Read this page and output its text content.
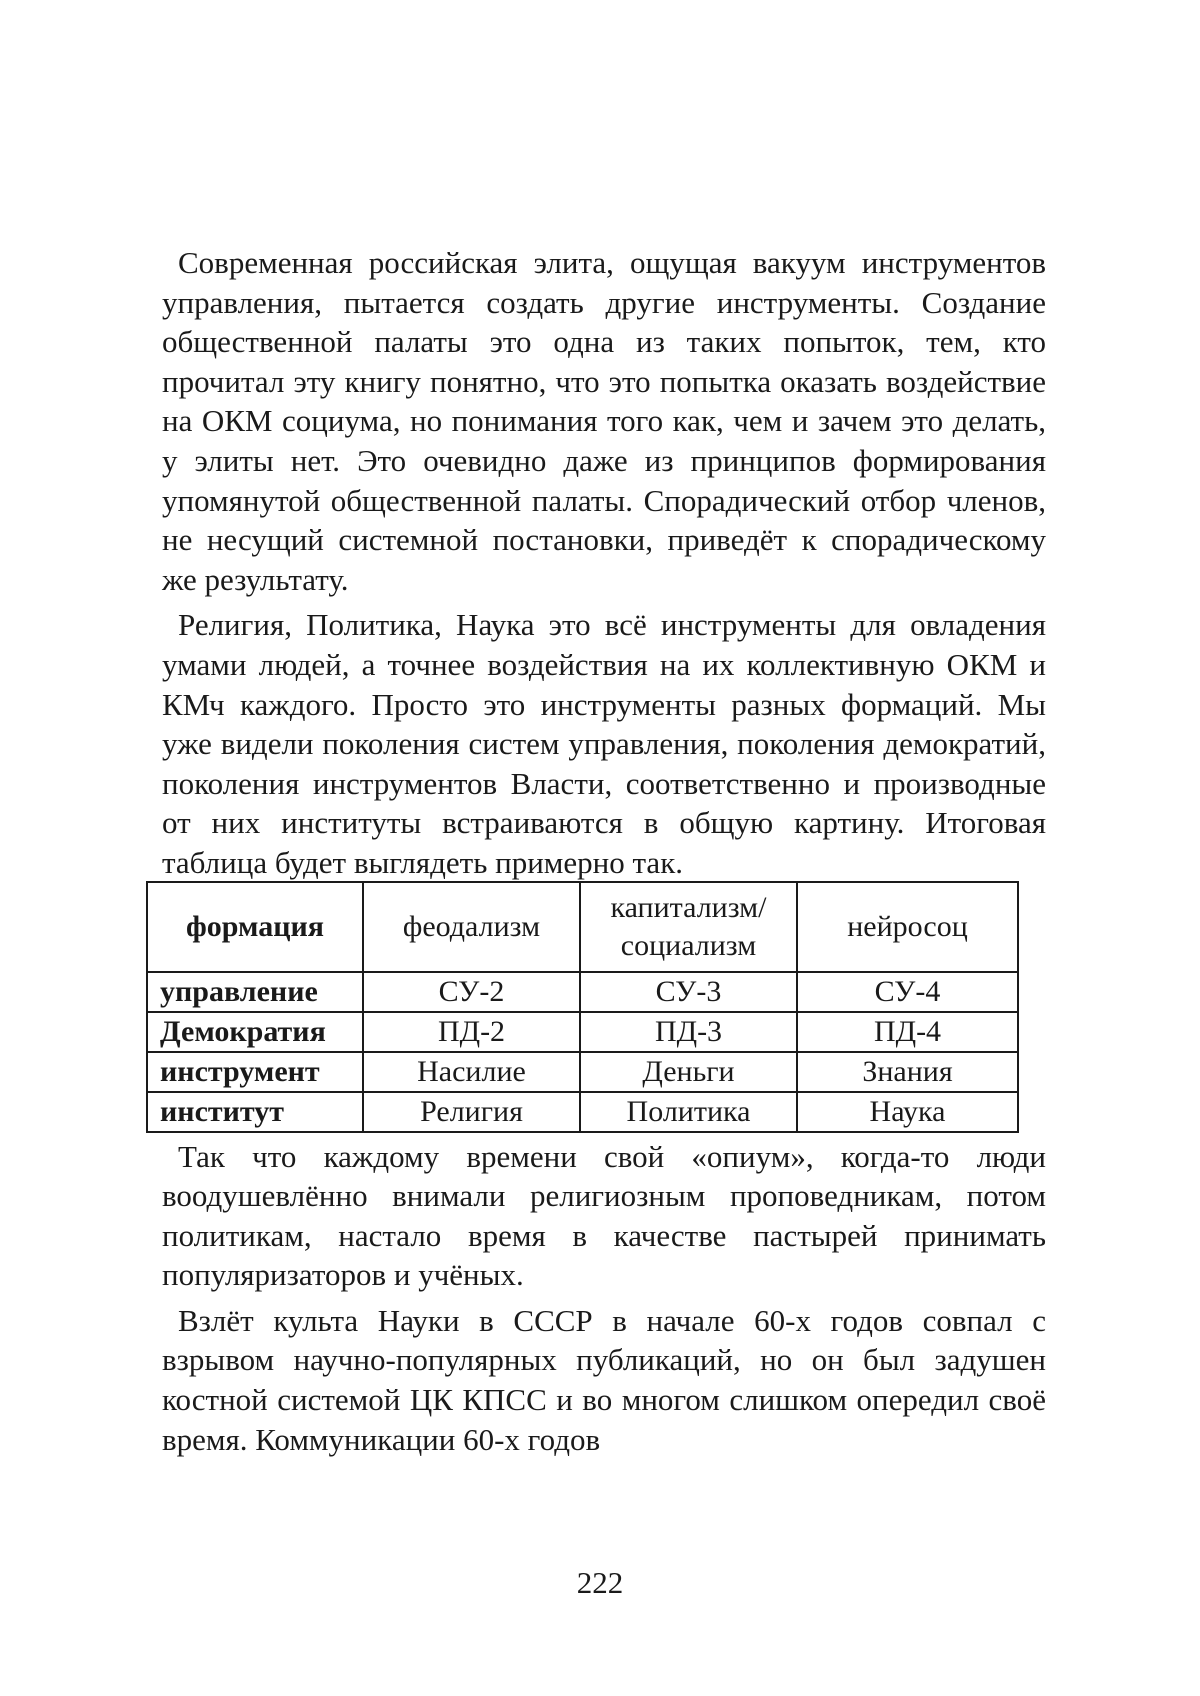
Современная российская элита, ощущая вакуум инструментов управления, пытается создать другие инструменты. Создание общественной палаты это одна из таких попыток, тем, кто прочитал эту книгу понятно, что это попытка оказать воздействие на ОКМ социума, но понимания того как, чем и зачем это делать, у элиты нет. Это очевидно даже из принципов формирования упомянутой общественной палаты. Спорадический отбор членов, не несущий системной постановки, приведёт к спорадическому же результату.

Религия, Политика, Наука это всё инструменты для овладения умами людей, а точнее воздействия на их коллективную ОКМ и КМч каждого. Просто это инструменты разных формаций. Мы уже видели поколения систем управления, поколения демократий, поколения инструментов Власти, соответственно и производные от них институты встраиваются в общую картину. Итоговая таблица будет выглядеть примерно так.

формация	феодализм	капитализм/ социализм	нейросоц
управление	СУ-2	СУ-3	СУ-4
Демократия	ПД-2	ПД-3	ПД-4
инструмент	Насилие	Деньги	Знания
институт	Религия	Политика	Наука

Так что каждому времени свой «опиум», когда-то люди воодушевлённо внимали религиозным проповедникам, потом политикам, настало время в качестве пастырей принимать популяризаторов и учёных.

Взлёт культа Науки в СССР в начале 60-х годов совпал с взрывом научно-популярных публикаций, но он был задушен костной системой ЦК КПСС и во многом слишком опередил своё время. Коммуникации 60-х годов

222
